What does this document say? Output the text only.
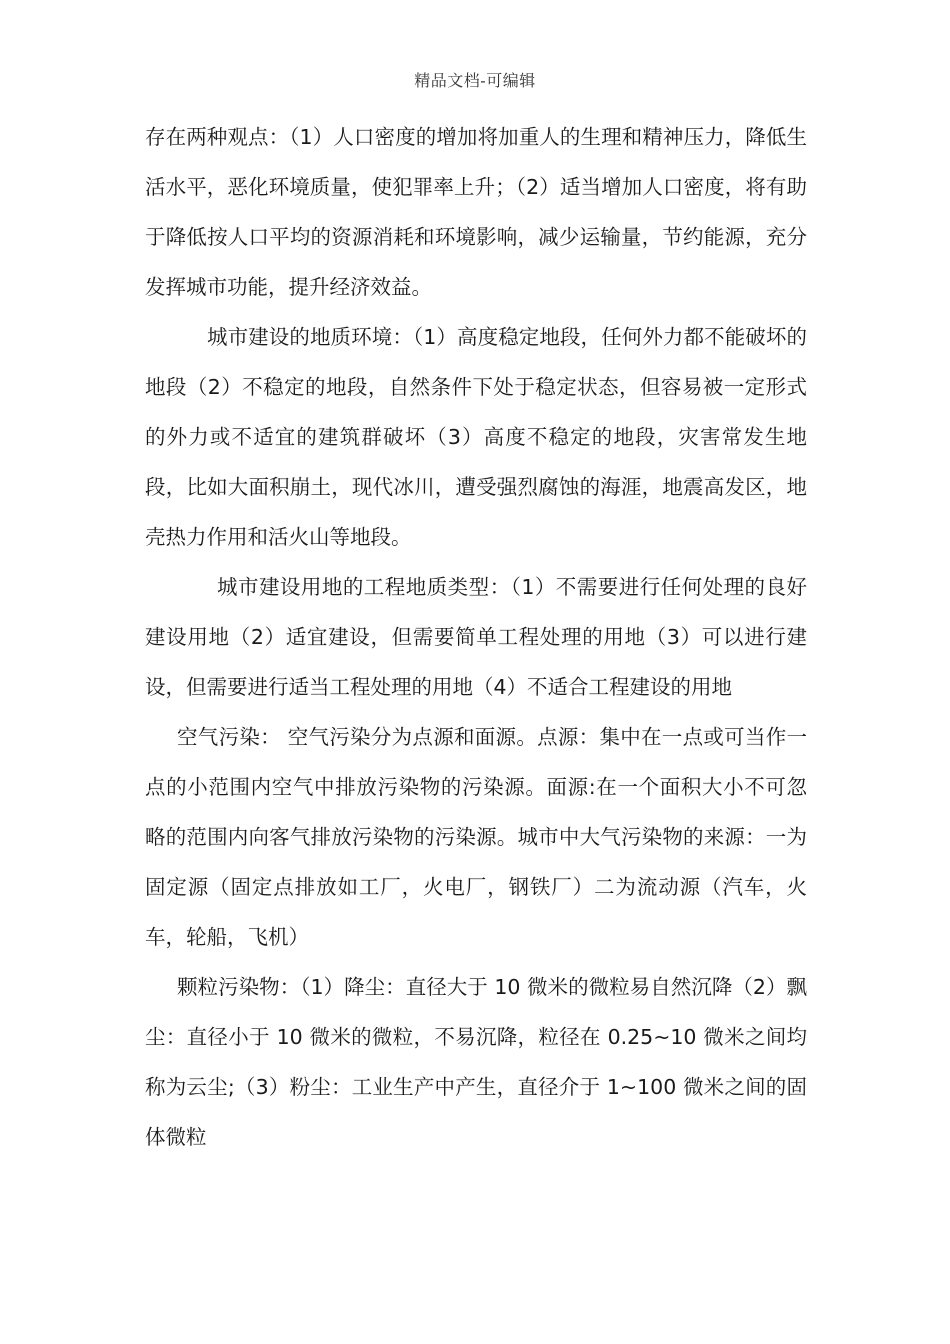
精品文档-可编辑

存在两种观点：（1）人口密度的增加将加重人的生理和精神压力，降低生活水平，恶化环境质量，使犯罪率上升；（2）适当增加人口密度，将有助于降低按人口平均的资源消耗和环境影响，减少运输量，节约能源，充分发挥城市功能，提升经济效益。

城市建设的地质环境：（1）高度稳定地段，任何外力都不能破坏的地段（2）不稳定的地段，自然条件下处于稳定状态，但容易被一定形式的外力或不适宜的建筑群破坏（3）高度不稳定的地段，灾害常发生地段，比如大面积崩土，现代冰川，遭受强烈腐蚀的海涯，地震高发区，地壳热力作用和活火山等地段。

城市建设用地的工程地质类型：（1）不需要进行任何处理的良好建设用地（2）适宜建设，但需要简单工程处理的用地（3）可以进行建设，但需要进行适当工程处理的用地（4）不适合工程建设的用地

空气污染： 空气污染分为点源和面源。点源：集中在一点或可当作一点的小范围内空气中排放污染物的污染源。面源:在一个面积大小不可忽略的范围内向客气排放污染物的污染源。城市中大气污染物的来源：一为固定源（固定点排放如工厂，火电厂，钢铁厂）二为流动源（汽车，火车，轮船，飞机）

颗粒污染物：（1）降尘：直径大于 10 微米的微粒易自然沉降（2）飘尘：直径小于 10 微米的微粒，不易沉降，粒径在 0.25~10 微米之间均称为云尘;（3）粉尘：工业生产中产生，直径介于 1~100 微米之间的固体微粒
